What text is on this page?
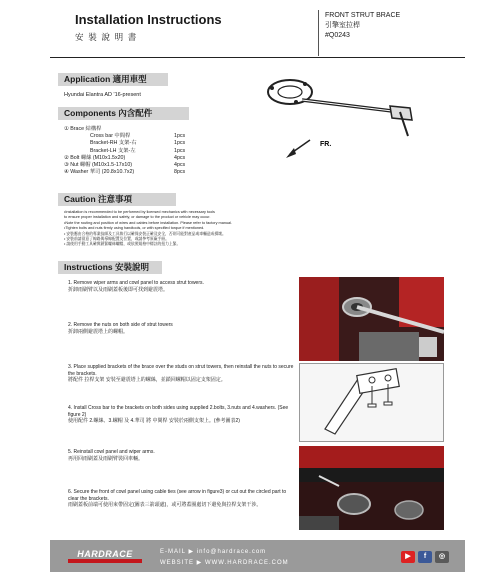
Installation Instructions
安 裝 說 明 書
FRONT STRUT BRACE
引擎室拉桿
#Q0243
Application 適用車型
Hyundai Elantra AD '16-present
Components 內含配件
① Brace 結構桿
Cross bar 中間桿	1pcs
Bracket-RH 支架-右	1pcs
Bracket-LH 支架-左	1pcs
② Bolt 螺絲 (M10x1.5x20)	4pcs
③ Nut 螺帽 (M10x1.5-17x10)	4pcs
④ Washer 華司 (20.8x10.7x2)	8pcs
FR.
Caution 注意事項
•Installation is recommended to be performed by licensed mechanics with necessary tools
to ensure proper installation and safety, or damage to the product or vehicle may occur.
•Note the routing and position of wires and cables before installation. Please refer to factory manual.
•Tighten bolts and nuts firmly using handtools, or with specified torque if mentioned.
• 安裝應由合格的專業技師及工具執行以確保安裝正確及安全，否則可能對產品或車輛造成損壞。
• 安裝前請留意了線路與導線配置及位置，或請參考原廠手冊。
• 請使用手動工具確實鎖緊螺絲螺帽，或依照規格中標註的扭力上緊。
Instructions 安裝說明
1. Remove wiper arms and cowl panel to access strut towers.
折卸雨刷臂以及雨刷蓋板後即可找到避震塔。
2. Remove the nuts on both side of strut towers
折卸兩側避震塔上的螺帽。
3. Place supplied brackets of the brace over the studs on strut towers, then reinstall the nuts to secure the brackets.
將配件 拉桿支架 安裝至避震塔上的螺絲，並鎖回螺帽以固定支架固定。
4. Install Cross bar to the brackets on both sides using supplied 2.bolts, 3.nuts and 4.washers. (See figure 2)
使用配件 2.螺絲、3.螺帽 及 4.華司 將 中間桿 安裝於兩側支架上。(參考圖表2)
5. Reinstall cowl panel and wiper arms.
再用回雨刷蓋及雨刷臂裝回車輛。
6. Secure the front of cowl panel using cable ties (see arrow in figure3) or cut out the circled part to clear the brackets.
雨刷蓋板前端可使用束帶固定(圖表三箭頭處)，或可將蓋圈處切下避免與拉桿支架干涉。
HARDRACE	E-MAIL ▶ info@hardrace.com
WEBSITE ▶ WWW.HARDRACE.COM
▶	f	◎
